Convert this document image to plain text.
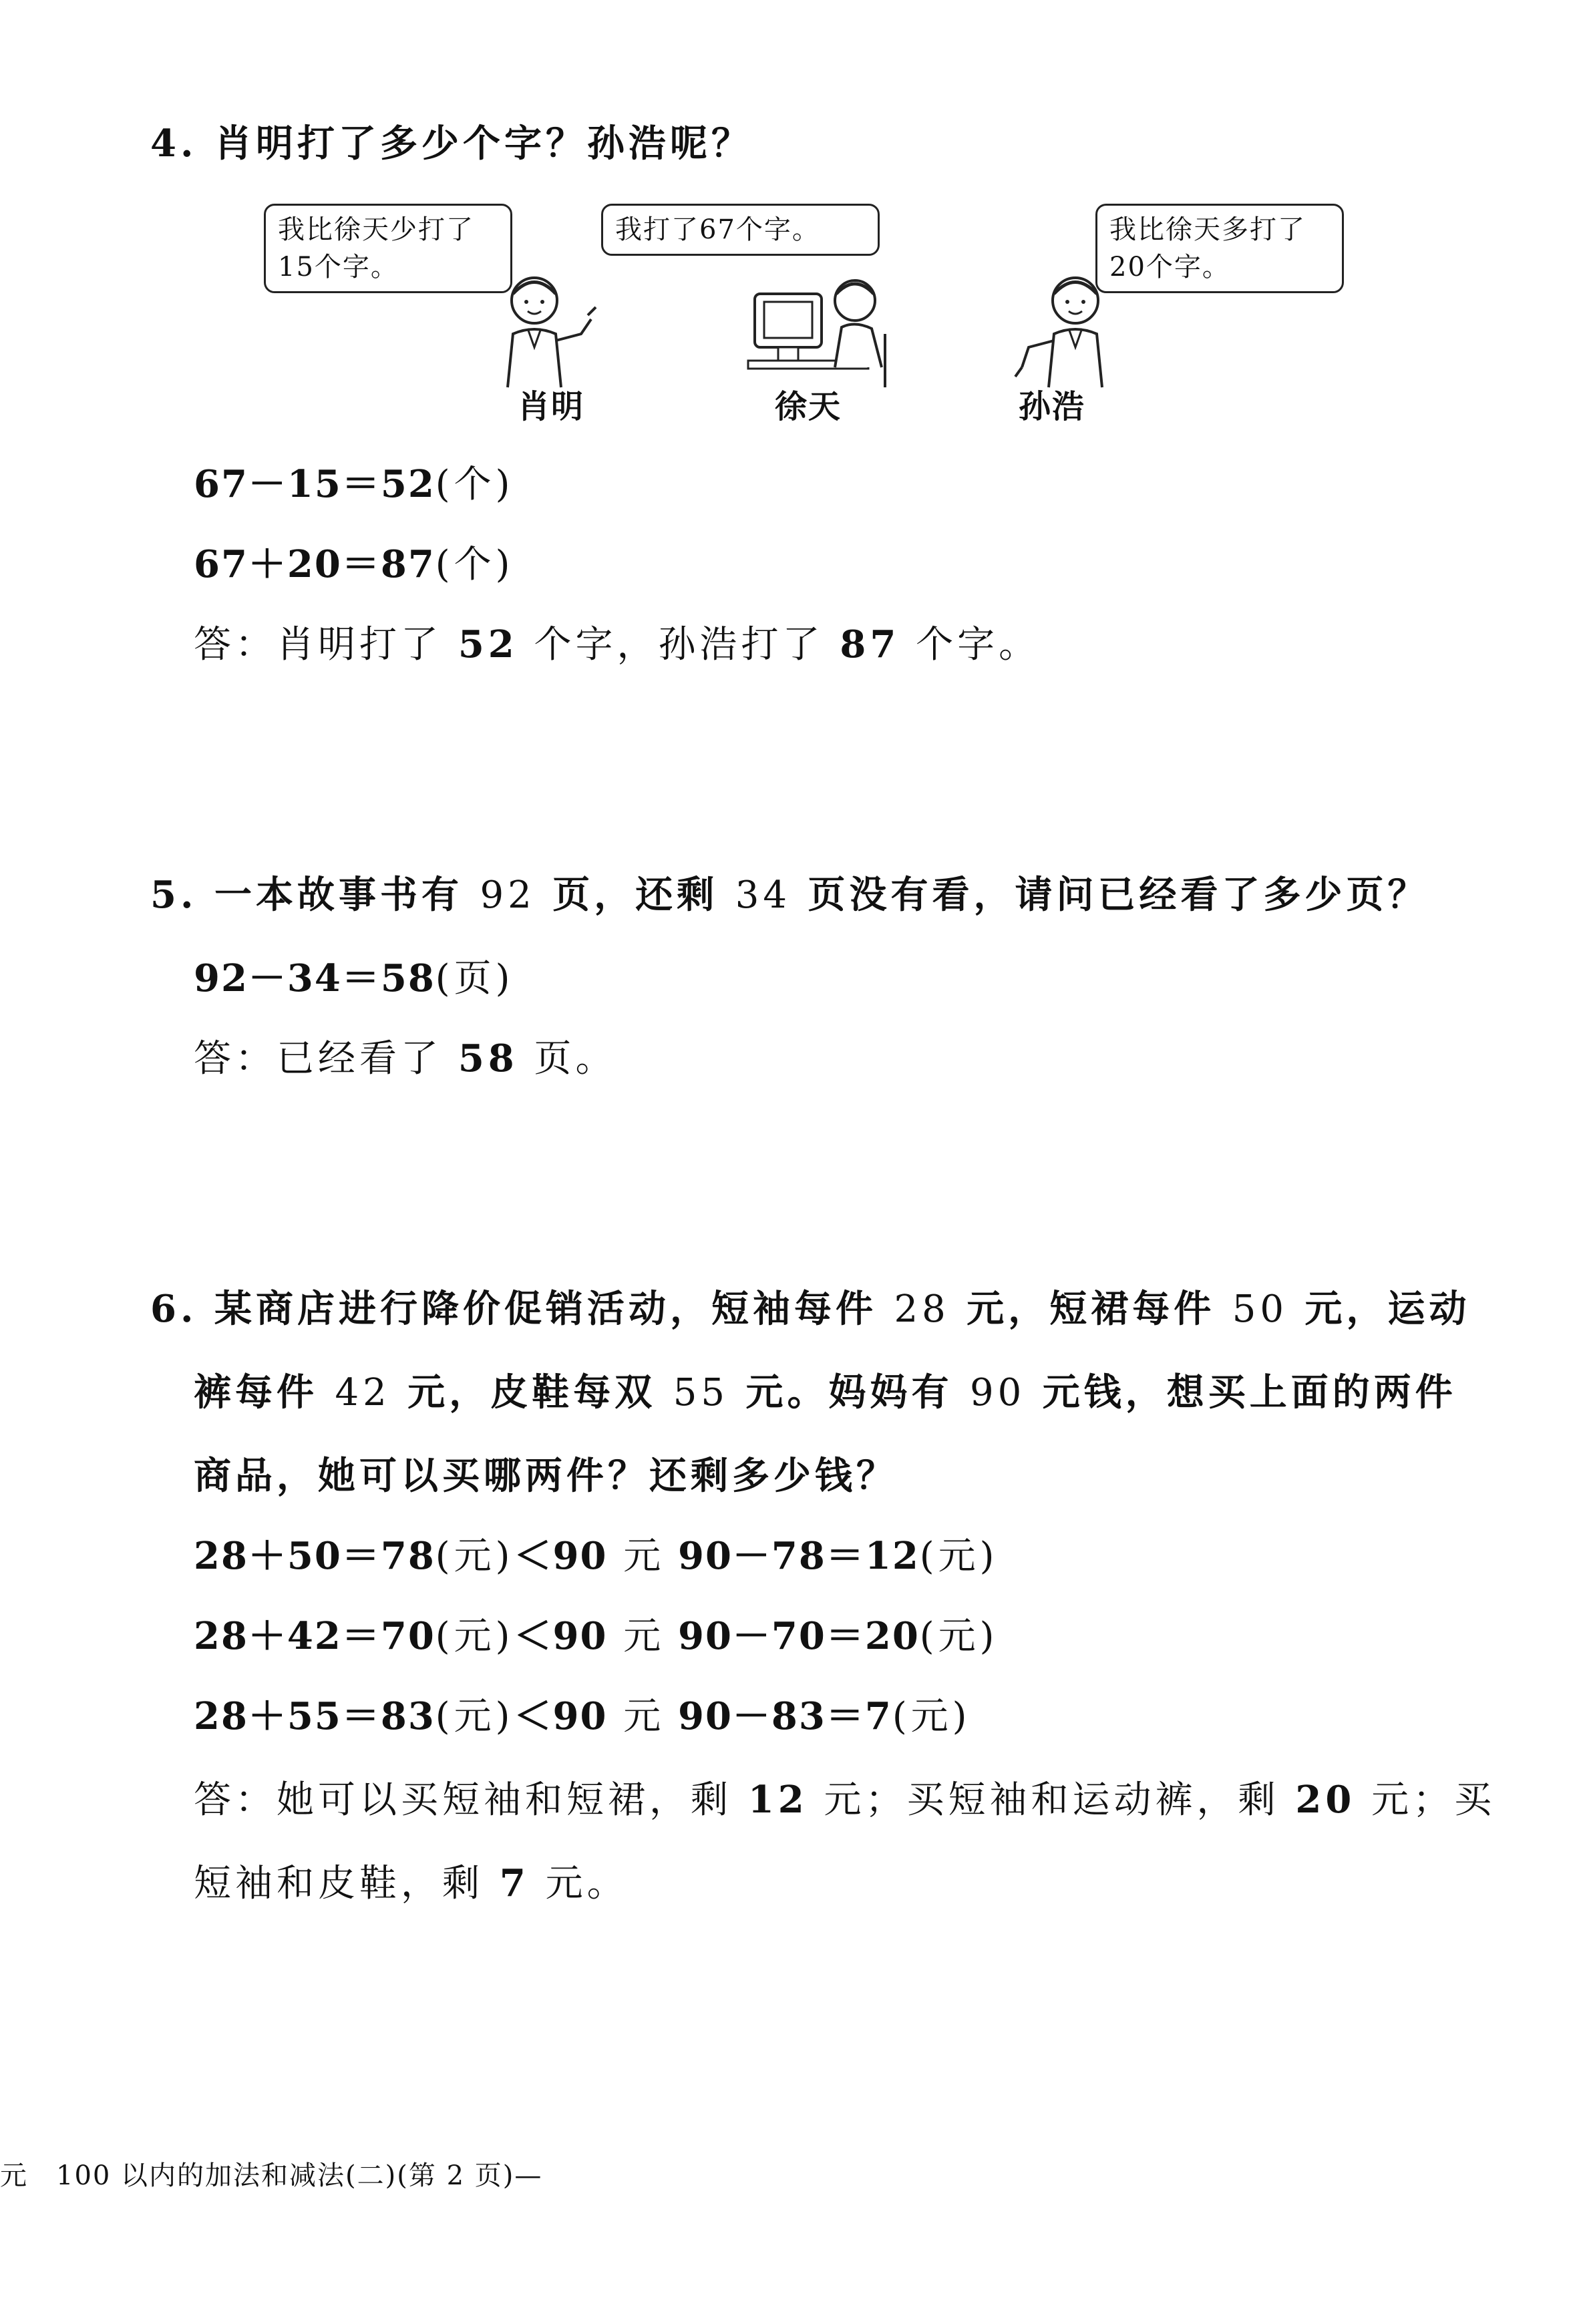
4. 肖明打了多少个字？孙浩呢？
我比徐天少打了15个字。
我打了67个字。	我比徐天多打了20个字。
肖明	徐天	孙浩
67－15＝52(个)
67＋20＝87(个)
答：肖明打了 52 个字，孙浩打了 87 个字。
5. 一本故事书有 92 页，还剩 34 页没有看，请问已经看了多少页？
92－34＝58(页)
答：已经看了 58 页。
6. 某商店进行降价促销活动，短袖每件 28 元，短裙每件 50 元，运动
裤每件 42 元，皮鞋每双 55 元。妈妈有 90 元钱，想买上面的两件
商品，她可以买哪两件？还剩多少钱？
28＋50＝78(元)＜90 元 90－78＝12(元)
28＋42＝70(元)＜90 元 90－70＝20(元)
28＋55＝83(元)＜90 元 90－83＝7(元)
答：她可以买短袖和短裙，剩 12 元；买短袖和运动裤，剩 20 元；买
短袖和皮鞋，剩 7 元。
元　100 以内的加法和减法(二)(第 2 页)—
